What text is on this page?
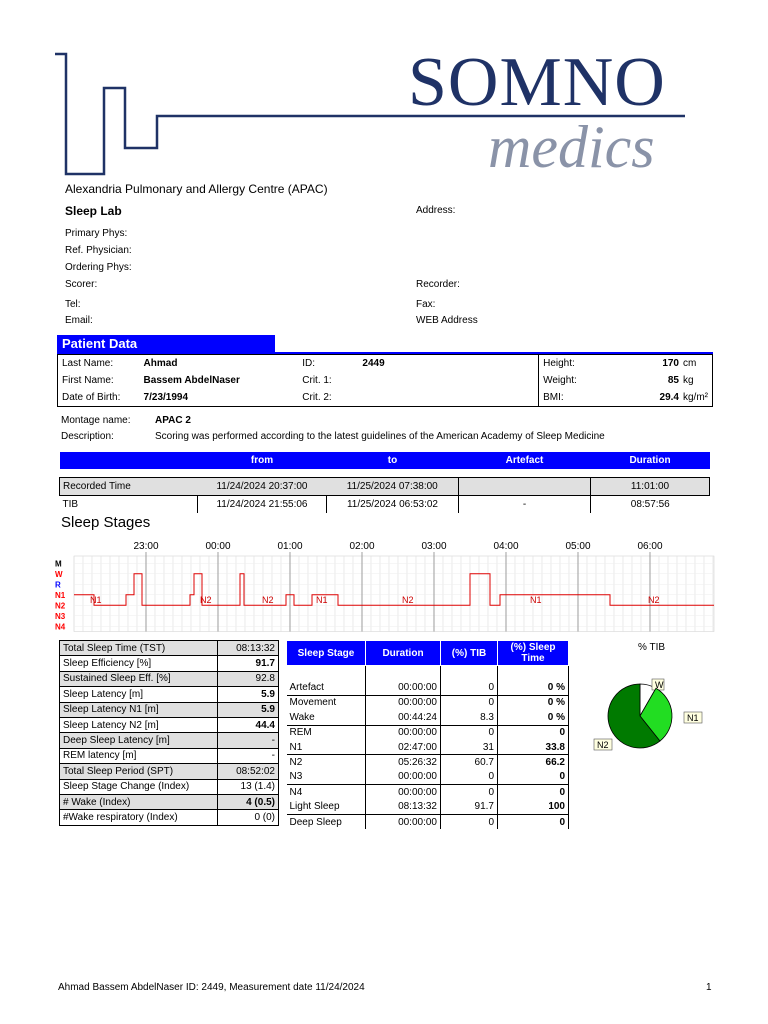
SOMNO
medics
Alexandria Pulmonary and Allergy Centre (APAC)
Sleep Lab	Address:
Primary Phys:
Ref. Physician:
Ordering Phys:
Scorer:	Recorder:
Tel:	Fax:
Email:	WEB Address
Patient Data
Last Name:	Ahmad	ID:	2449	Height:	170	cm
First Name:	Bassem AbdelNaser	Crit. 1:		Weight:	85	kg
Date of Birth:	7/23/1994	Crit. 2:		BMI:	29.4	kg/m²
Montage name: APAC 2
Description:	Scoring was performed according to the latest guidelines of the American Academy of Sleep Medicine
	from	to	Artefact	Duration

Recorded Time	11/24/2024 20:37:00	11/25/2024 07:38:00		11:01:00
TIB	11/24/2024 21:55:06	11/25/2024 06:53:02	-	08:57:56
Sleep Stages
23:00	00:00	01:00	02:00	03:00	04:00	05:00	06:00
M
W
R
N1
N2
N3
N4
N1	N2	N2	N1	N2	N1	N2
Total Sleep Time (TST)	08:13:32
Sleep Efficiency [%]	91.7
Sustained Sleep Eff. [%]	92.8
Sleep Latency [m]	5.9
Sleep Latency N1 [m]	5.9
Sleep Latency N2 [m]	44.4
Deep Sleep Latency [m]	-
REM latency [m]	-
Total Sleep Period (SPT)	08:52:02
Sleep Stage Change (Index)	13 (1.4)
# Wake (Index)	4 (0.5)
#Wake respiratory (Index)	0 (0)
Sleep Stage	Duration	(%) TIB	(%) Sleep Time

Artefact	00:00:00	0	0 %
Movement	00:00:00	0	0 %
Wake	00:44:24	8.3	0 %
REM	00:00:00	0	0
N1	02:47:00	31	33.8
N2	05:26:32	60.7	66.2
N3	00:00:00	0	0
N4	00:00:00	0	0
Light Sleep	08:13:32	91.7	100
Deep Sleep	00:00:00	0	0
% TIB
W
N1
N2
Ahmad Bassem AbdelNaser ID: 2449, Measurement date 11/24/2024	1
